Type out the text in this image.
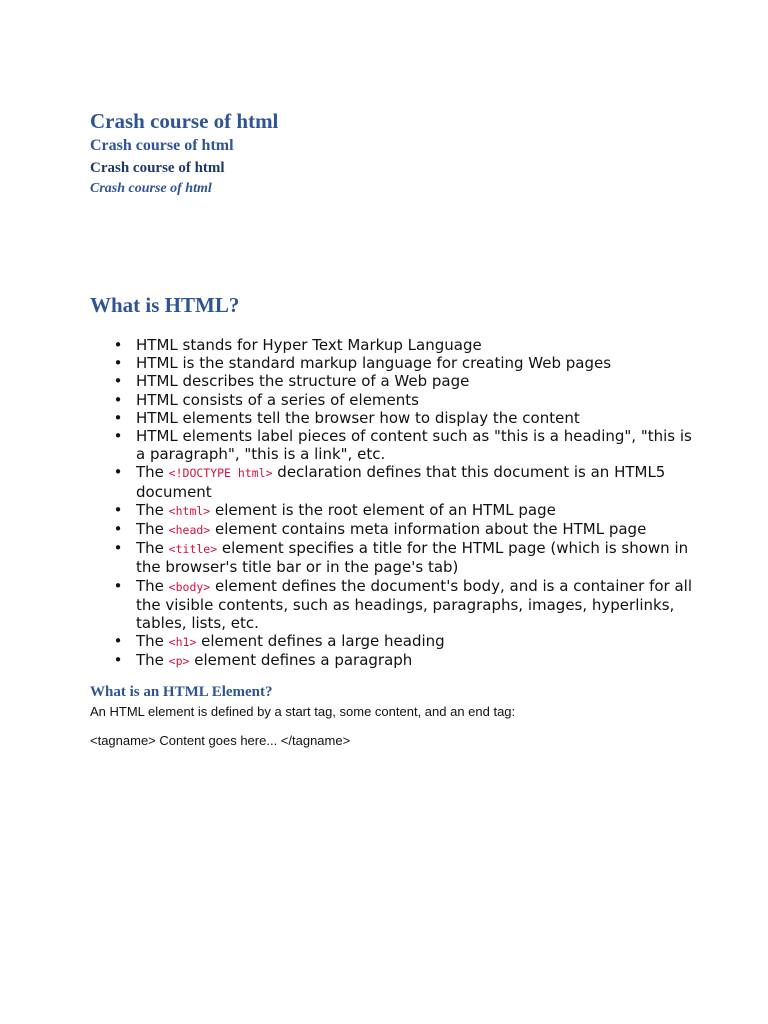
Crash course of html
Crash course of html
Crash course of html
Crash course of html
What is HTML?
• HTML stands for Hyper Text Markup Language
• HTML is the standard markup language for creating Web pages
• HTML describes the structure of a Web page
• HTML consists of a series of elements
• HTML elements tell the browser how to display the content
• HTML elements label pieces of content such as "this is a heading", "this is a paragraph", "this is a link", etc.
• The <!DOCTYPE html> declaration defines that this document is an HTML5 document
• The <html> element is the root element of an HTML page
• The <head> element contains meta information about the HTML page
• The <title> element specifies a title for the HTML page (which is shown in the browser's title bar or in the page's tab)
• The <body> element defines the document's body, and is a container for all the visible contents, such as headings, paragraphs, images, hyperlinks, tables, lists, etc.
• The <h1> element defines a large heading
• The <p> element defines a paragraph
What is an HTML Element?

An HTML element is defined by a start tag, some content, and an end tag:

<tagname> Content goes here... </tagname>
